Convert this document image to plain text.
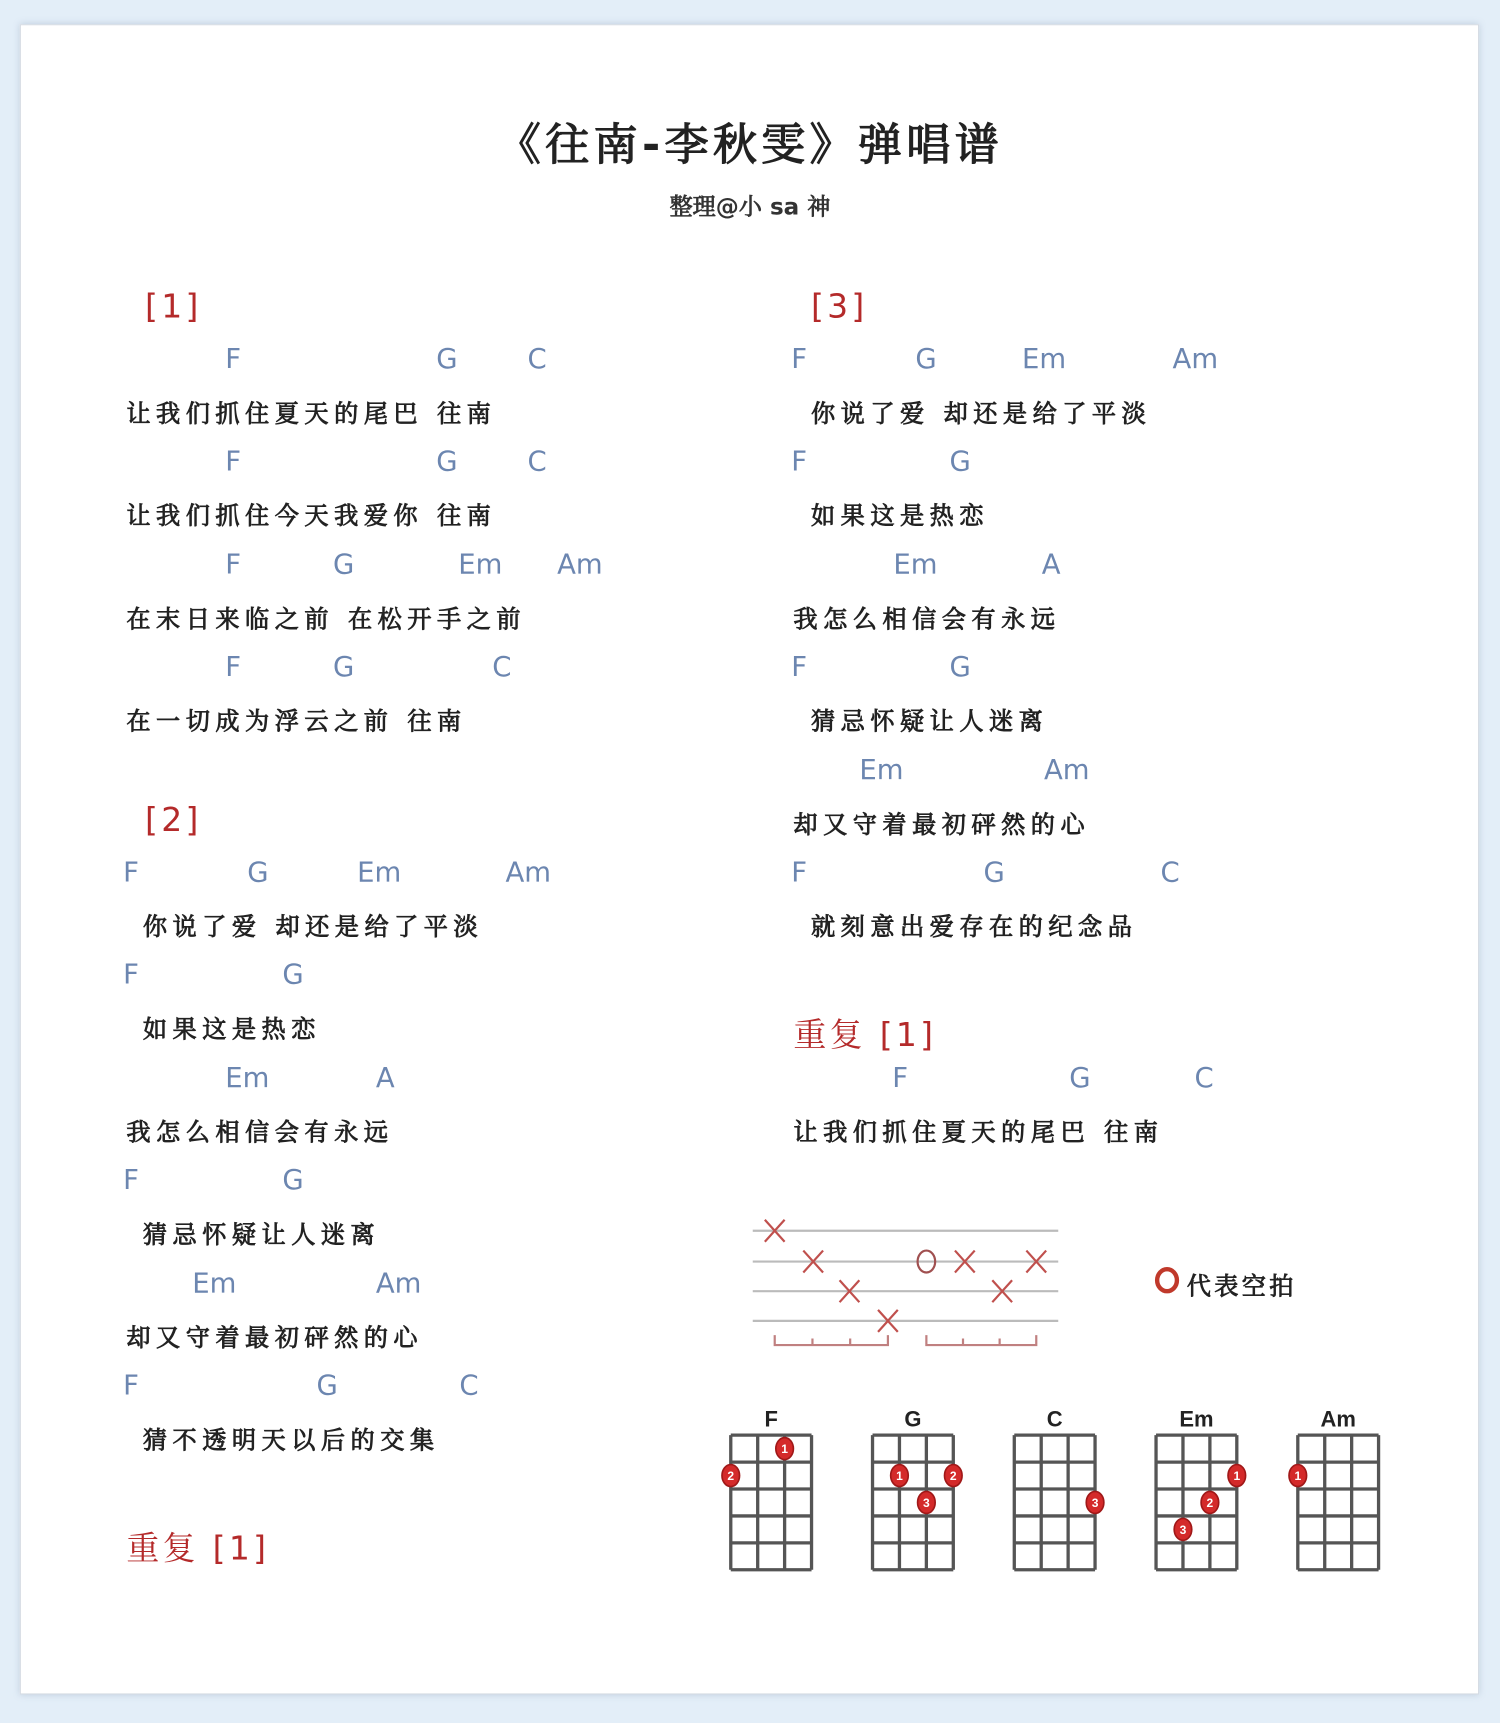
《往南-李秋雯》弹唱谱
整理@小 sa 神
[1]
F	G	C
让我们抓住夏天的尾巴 往南
F	G	C
让我们抓住今天我爱你 往南
F	G	Em Am
在末日来临之前 在松开手之前
F	G	C
在一切成为浮云之前 往南
[2]
F	G	Em	Am
你说了爱 却还是给了平淡
F	G
如果这是热恋
Em	A
我怎么相信会有永远
F	G
猜忌怀疑让人迷离
Em	Am
却又守着最初砰然的心
F	G	C
猜不透明天以后的交集
重复 [1]
[3]
F	G	Em	Am
你说了爱 却还是给了平淡
F	G
如果这是热恋
Em	A
我怎么相信会有永远
F	G
猜忌怀疑让人迷离
Em	Am
却又守着最初砰然的心
F	G	C
就刻意出爱存在的纪念品
重复 [1]
F	G	C
让我们抓住夏天的尾巴 往南
代表空拍
F
1
2
G
1	2
3
C
3
Em
1
2
3
Am
1
